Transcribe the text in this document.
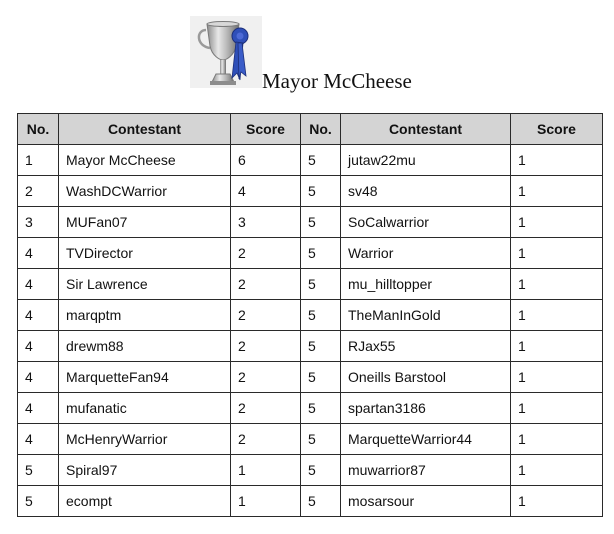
Mayor McCheese
No.	Contestant	Score	No.	Contestant	Score
1	Mayor McCheese	6	5	jutaw22mu	1
2	WashDCWarrior	4	5	sv48	1
3	MUFan07	3	5	SoCalwarrior	1
4	TVDirector	2	5	Warrior	1
4	Sir Lawrence	2	5	mu_hilltopper	1
4	marqptm	2	5	TheManInGold	1
4	drewm88	2	5	RJax55	1
4	MarquetteFan94	2	5	Oneills Barstool	1
4	mufanatic	2	5	spartan3186	1
4	McHenryWarrior	2	5	MarquetteWarrior44	1
5	Spiral97	1	5	muwarrior87	1
5	ecompt	1	5	mosarsour	1
